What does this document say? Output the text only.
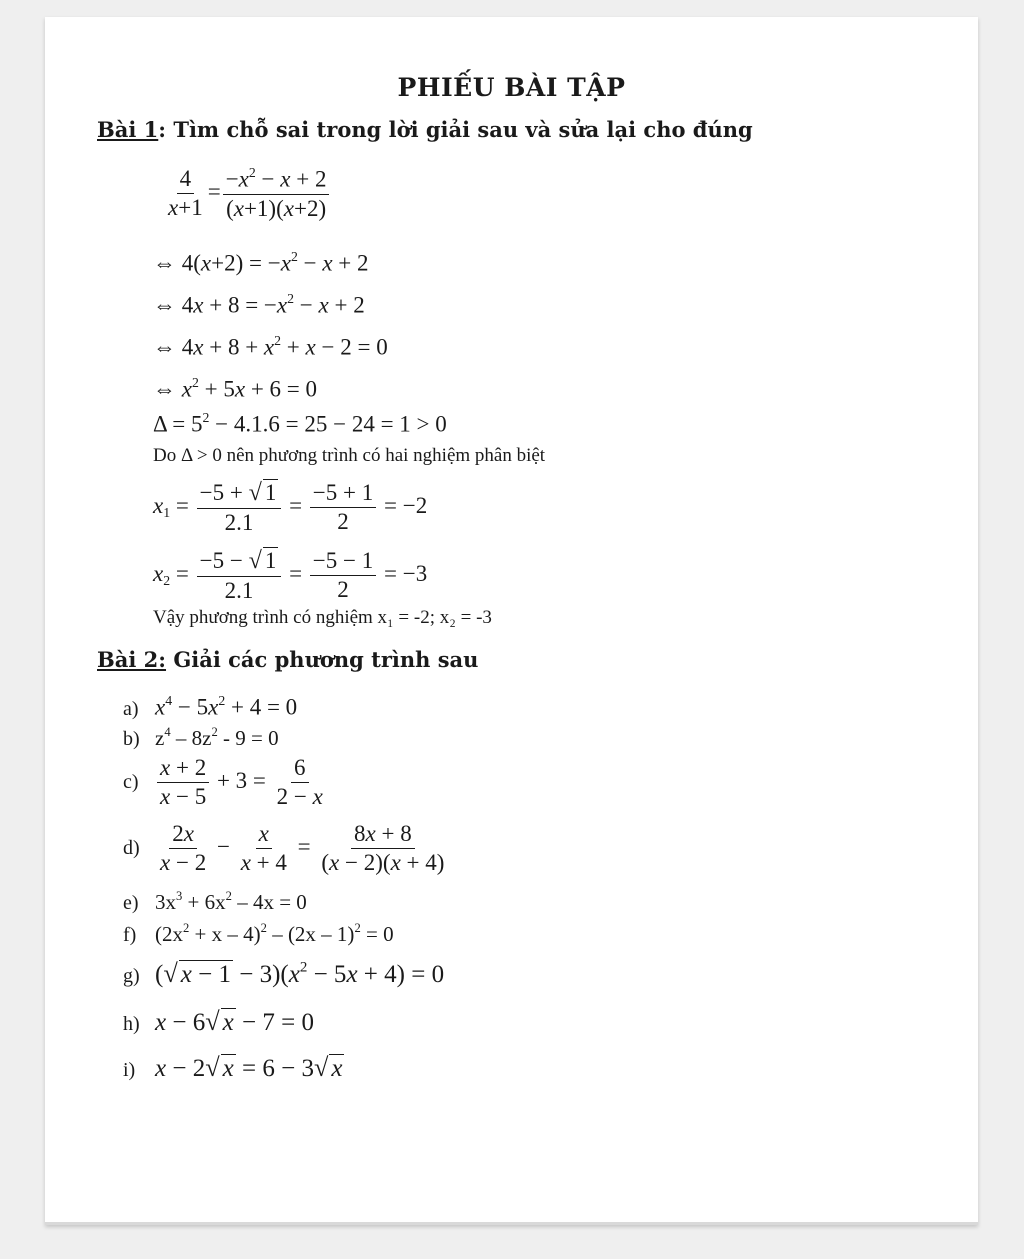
PHIẾU BÀI TẬP
Bài 1: Tìm chỗ sai trong lời giải sau và sửa lại cho đúng
$\frac{4}{x+1} = \frac{-x^2 - x + 2}{(x+1)(x+2)}$
⇔ $4(x+2) = -x^2 - x + 2$
⇔ $4x + 8 = -x^2 - x + 2$
⇔ $4x + 8 + x^2 + x - 2 = 0$
⇔ $x^2 + 5x + 6 = 0$
$\Delta = 5^2 - 4.1.6 = 25 - 24 = 1 > 0$
Do Δ > 0 nên phương trình có hai nghiệm phân biệt
$x_1 = \frac{-5 + √ 1}{2.1} = \frac{-5 + 1}{2} = -2$
$x_2 = \frac{-5 - √ 1}{2.1} = \frac{-5 - 1}{2} = -3$
Vậy phương trình có nghiệm x₁ = -2; x₂ = -3
Bài 2: Giải các phương trình sau
a) $x^4 - 5x^2 + 4 = 0$
b) $z^4 - 8z^2 - 9 = 0$
$c) \frac{x + 2}{x - 5} + 3 = \frac{6}{2 - x}$
$d) \frac{2x}{x - 2} - \frac{x}{x + 4} = \frac{8x + 8}{(x - 2)(x + 4)}$
e) $3x^3 + 6x^2 - 4x = 0$
f) $(2x^2 + x - 4)^2 - (2x - 1)^2 = 0$
g) (√ $x - 1 - 3)(x^2 - 5x + 4) = 0$
h) x − 6√ x − 7 = 0
i) x − 2√ x = 6 − 3√ x
